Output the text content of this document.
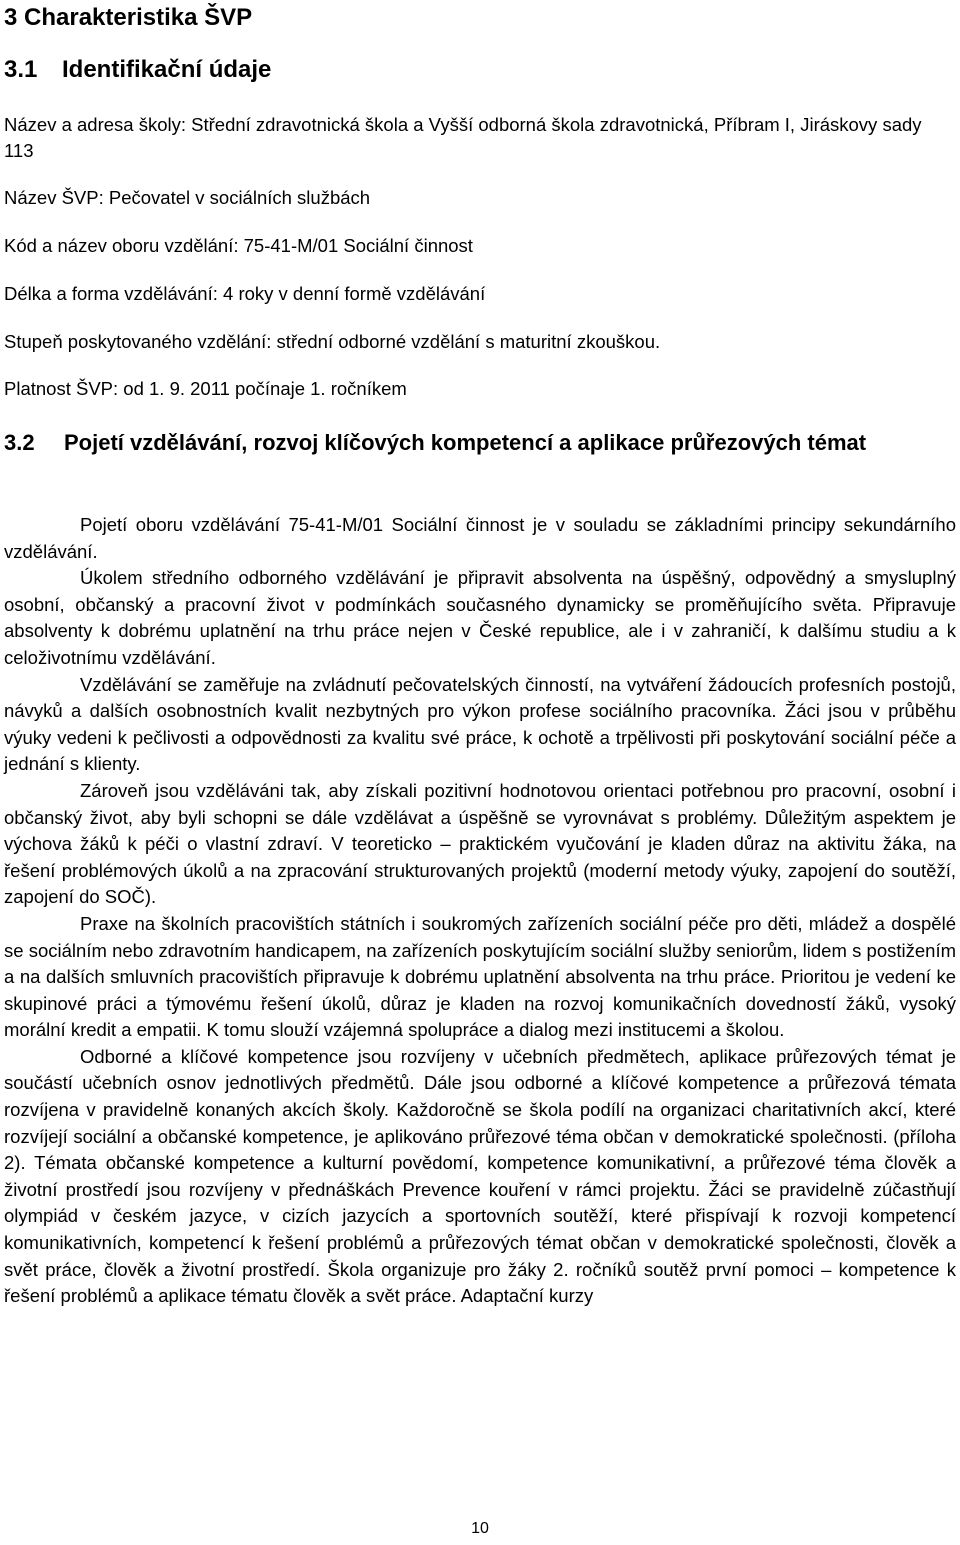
3 Charakteristika ŠVP
3.1 Identifikační údaje
Název a adresa školy: Střední zdravotnická škola a Vyšší odborná škola zdravotnická, Příbram I, Jiráskovy sady 113
Název ŠVP: Pečovatel v sociálních službách
Kód a název oboru vzdělání: 75-41-M/01 Sociální činnost
Délka a forma vzdělávání: 4 roky v denní formě vzdělávání
Stupeň poskytovaného vzdělání: střední odborné vzdělání s maturitní zkouškou.
Platnost ŠVP: od 1. 9. 2011 počínaje 1. ročníkem
3.2	Pojetí vzdělávání, rozvoj klíčových kompetencí a aplikace průřezových témat

Pojetí oboru vzdělávání 75-41-M/01 Sociální činnost je v souladu se základními principy sekundárního vzdělávání.

Úkolem středního odborného vzdělávání je připravit absolventa na úspěšný, odpovědný a smysluplný osobní, občanský a pracovní život v podmínkách současného dynamicky se proměňujícího světa. Připravuje absolventy k dobrému uplatnění na trhu práce nejen v České republice, ale i v zahraničí, k dalšímu studiu a k celoživotnímu vzdělávání.

Vzdělávání se zaměřuje na zvládnutí pečovatelských činností, na vytváření žádoucích profesních postojů, návyků a dalších osobnostních kvalit nezbytných pro výkon profese sociálního pracovníka. Žáci jsou v průběhu výuky vedeni k pečlivosti a odpovědnosti za kvalitu své práce, k ochotě a trpělivosti při poskytování sociální péče a jednání s klienty.

Zároveň jsou vzděláváni tak, aby získali pozitivní hodnotovou orientaci potřebnou pro pracovní, osobní i občanský život, aby byli schopni se dále vzdělávat a úspěšně se vyrovnávat s problémy. Důležitým aspektem je výchova žáků k péči o vlastní zdraví. V teoreticko – praktickém vyučování je kladen důraz na aktivitu žáka, na řešení problémových úkolů a na zpracování strukturovaných projektů (moderní metody výuky, zapojení do soutěží, zapojení do SOČ).

Praxe na školních pracovištích státních i soukromých zařízeních sociální péče pro děti, mládež a dospělé se sociálním nebo zdravotním handicapem, na zařízeních poskytujícím sociální služby seniorům, lidem s postižením a na dalších smluvních pracovištích připravuje k dobrému uplatnění absolventa na trhu práce. Prioritou je vedení ke skupinové práci a týmovému řešení úkolů, důraz je kladen na rozvoj komunikačních dovedností žáků, vysoký morální kredit a empatii. K tomu slouží vzájemná spolupráce a dialog mezi institucemi a školou.

Odborné a klíčové kompetence jsou rozvíjeny v učebních předmětech, aplikace průřezových témat je součástí učebních osnov jednotlivých předmětů. Dále jsou odborné a klíčové kompetence a průřezová témata rozvíjena v pravidelně konaných akcích školy. Každoročně se škola podílí na organizaci charitativních akcí, které rozvíjejí sociální a občanské kompetence, je aplikováno průřezové téma občan v demokratické společnosti. (příloha 2). Témata občanské kompetence a kulturní povědomí, kompetence komunikativní, a průřezové téma člověk a životní prostředí jsou rozvíjeny v přednáškách Prevence kouření v rámci projektu. Žáci se pravidelně zúčastňují olympiád v českém jazyce, v cizích jazycích a sportovních soutěží, které přispívají k rozvoji kompetencí komunikativních, kompetencí k řešení problémů a průřezových témat občan v demokratické společnosti, člověk a svět práce, člověk a životní prostředí. Škola organizuje pro žáky 2. ročníků soutěž první pomoci – kompetence k řešení problémů a aplikace tématu člověk a svět práce. Adaptační kurzy

10
